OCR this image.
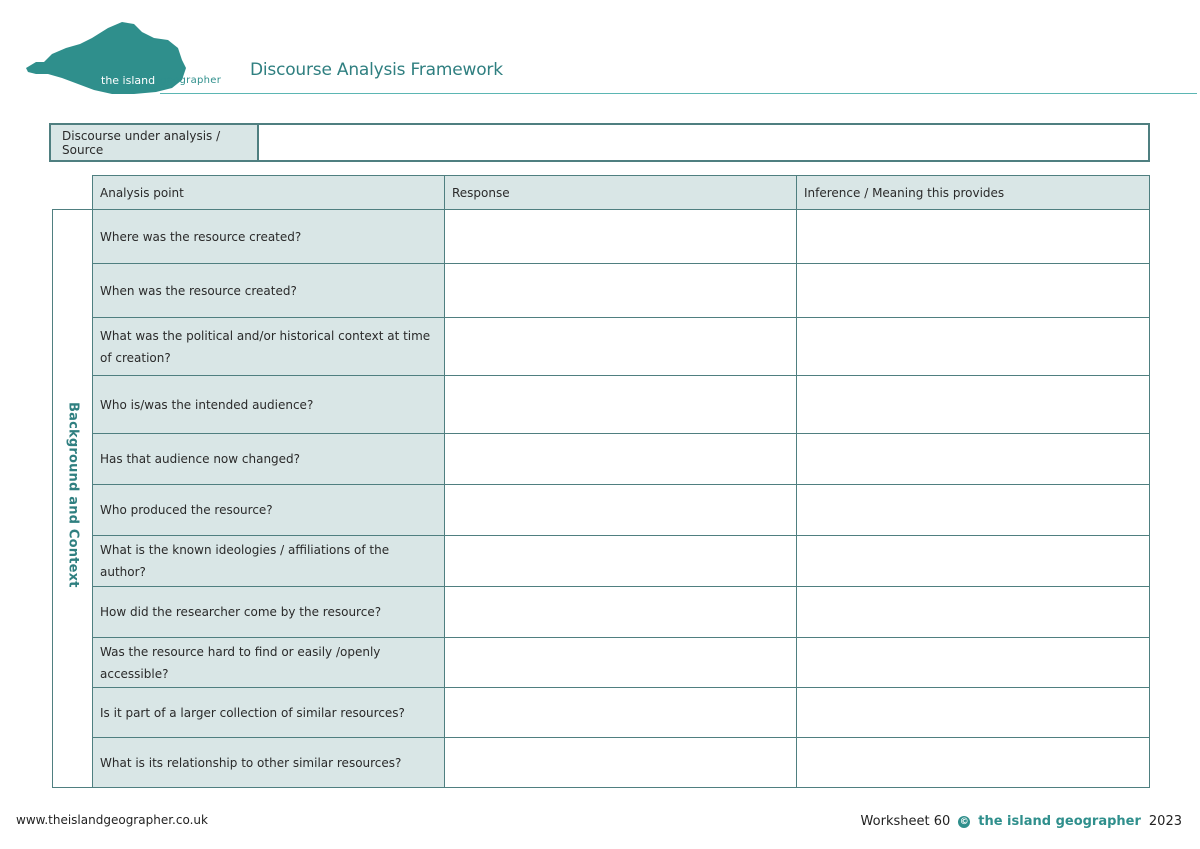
the island geographer
Discourse Analysis Framework
Discourse under analysis / Source
	Analysis point	Response	Inference / Meaning this provides
Background and Context	Where was the resource created?		
	When was the resource created?		
	What was the political and/or historical context at time of creation?		
	Who is/was the intended audience?		
	Has that audience now changed?		
	Who produced the resource?		
	What is the known ideologies / affiliations of the author?		
	How did the researcher come by the resource?		
	Was the resource hard to find or easily /openly accessible?		
	Is it part of a larger collection of similar resources?		
	What is its relationship to other similar resources?		
www.theislandgeographer.co.uk	Worksheet 60 © the island geographer 2023
